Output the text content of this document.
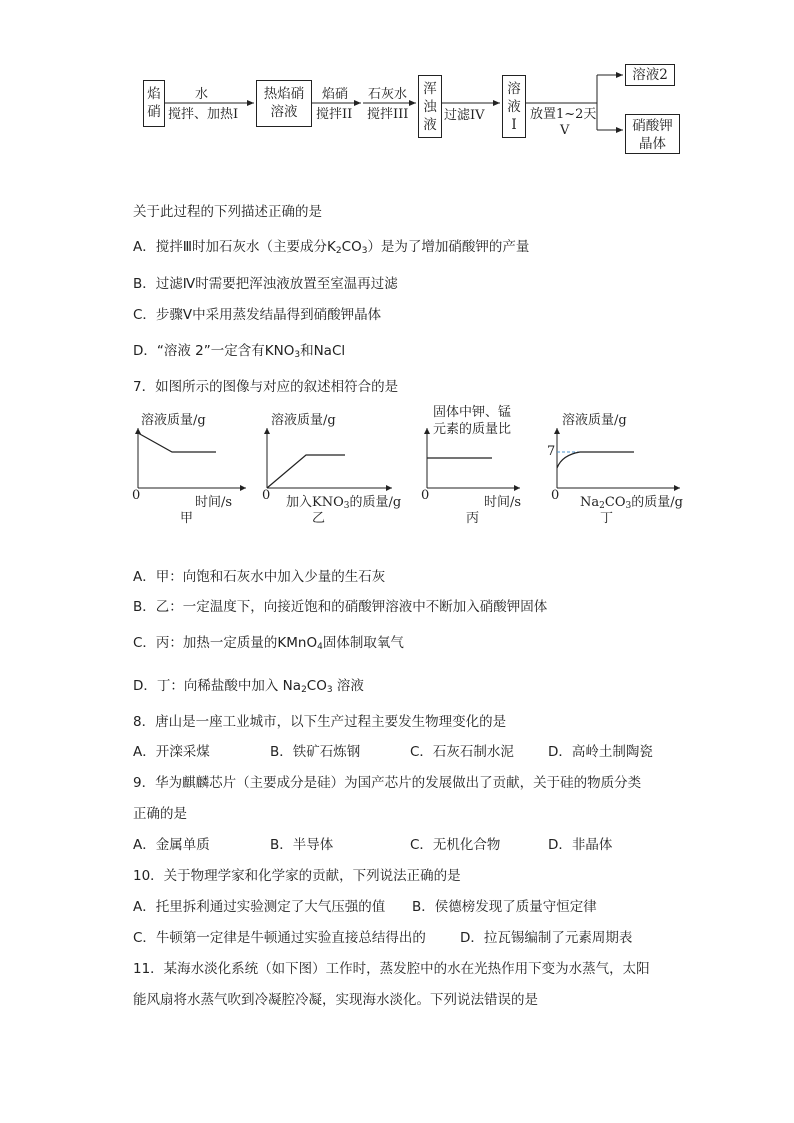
焰
硝
水
搅拌、加热I
热焰硝
溶液
焰硝
搅拌II
石灰水
搅拌III
浑
浊
液
过滤IV
溶
液
I
放置1~2天
V
溶液2
硝酸钾
晶体
关于此过程的下列描述正确的是
A．搅拌Ⅲ时加石灰水（主要成分$K_2CO_3$）是为了增加硝酸钾的产量
B．过滤Ⅳ时需要把浑浊液放置至室温再过滤
C．步骤Ⅴ中采用蒸发结晶得到硝酸钾晶体
D．“溶液 2”一定含有$KNO_3$和NaCl
7．如图所示的图像与对应的叙述相符合的是
溶液质量/g
0	时间/s
甲
溶液质量/g
0 加入$KNO_3$的质量/g
乙
固体中钾、锰
元素的质量比
0	时间/s
丙
溶液质量/g
7
0 $Na_2CO_3$的质量/g
丁
A．甲：向饱和石灰水中加入少量的生石灰
B．乙：一定温度下，向接近饱和的硝酸钾溶液中不断加入硝酸钾固体
C．丙：加热一定质量的KMnO$_4$固体制取氧气
D．丁：向稀盐酸中加入 $Na_2CO_3$ 溶液
8．唐山是一座工业城市，以下生产过程主要发生物理变化的是
A．开滦采煤	B．铁矿石炼钢	C．石灰石制水泥	D．高岭土制陶瓷
9．华为麒麟芯片（主要成分是硅）为国产芯片的发展做出了贡献，关于硅的物质分类
正确的是
A．金属单质	B．半导体	C．无机化合物	D．非晶体
10．关于物理学家和化学家的贡献，下列说法正确的是
A．托里拆利通过实验测定了大气压强的值 B．侯德榜发现了质量守恒定律
C．牛顿第一定律是牛顿通过实验直接总结得出的	D．拉瓦锡编制了元素周期表
11．某海水淡化系统（如下图）工作时，蒸发腔中的水在光热作用下变为水蒸气，太阳
能风扇将水蒸气吹到冷凝腔冷凝，实现海水淡化。下列说法错误的是
